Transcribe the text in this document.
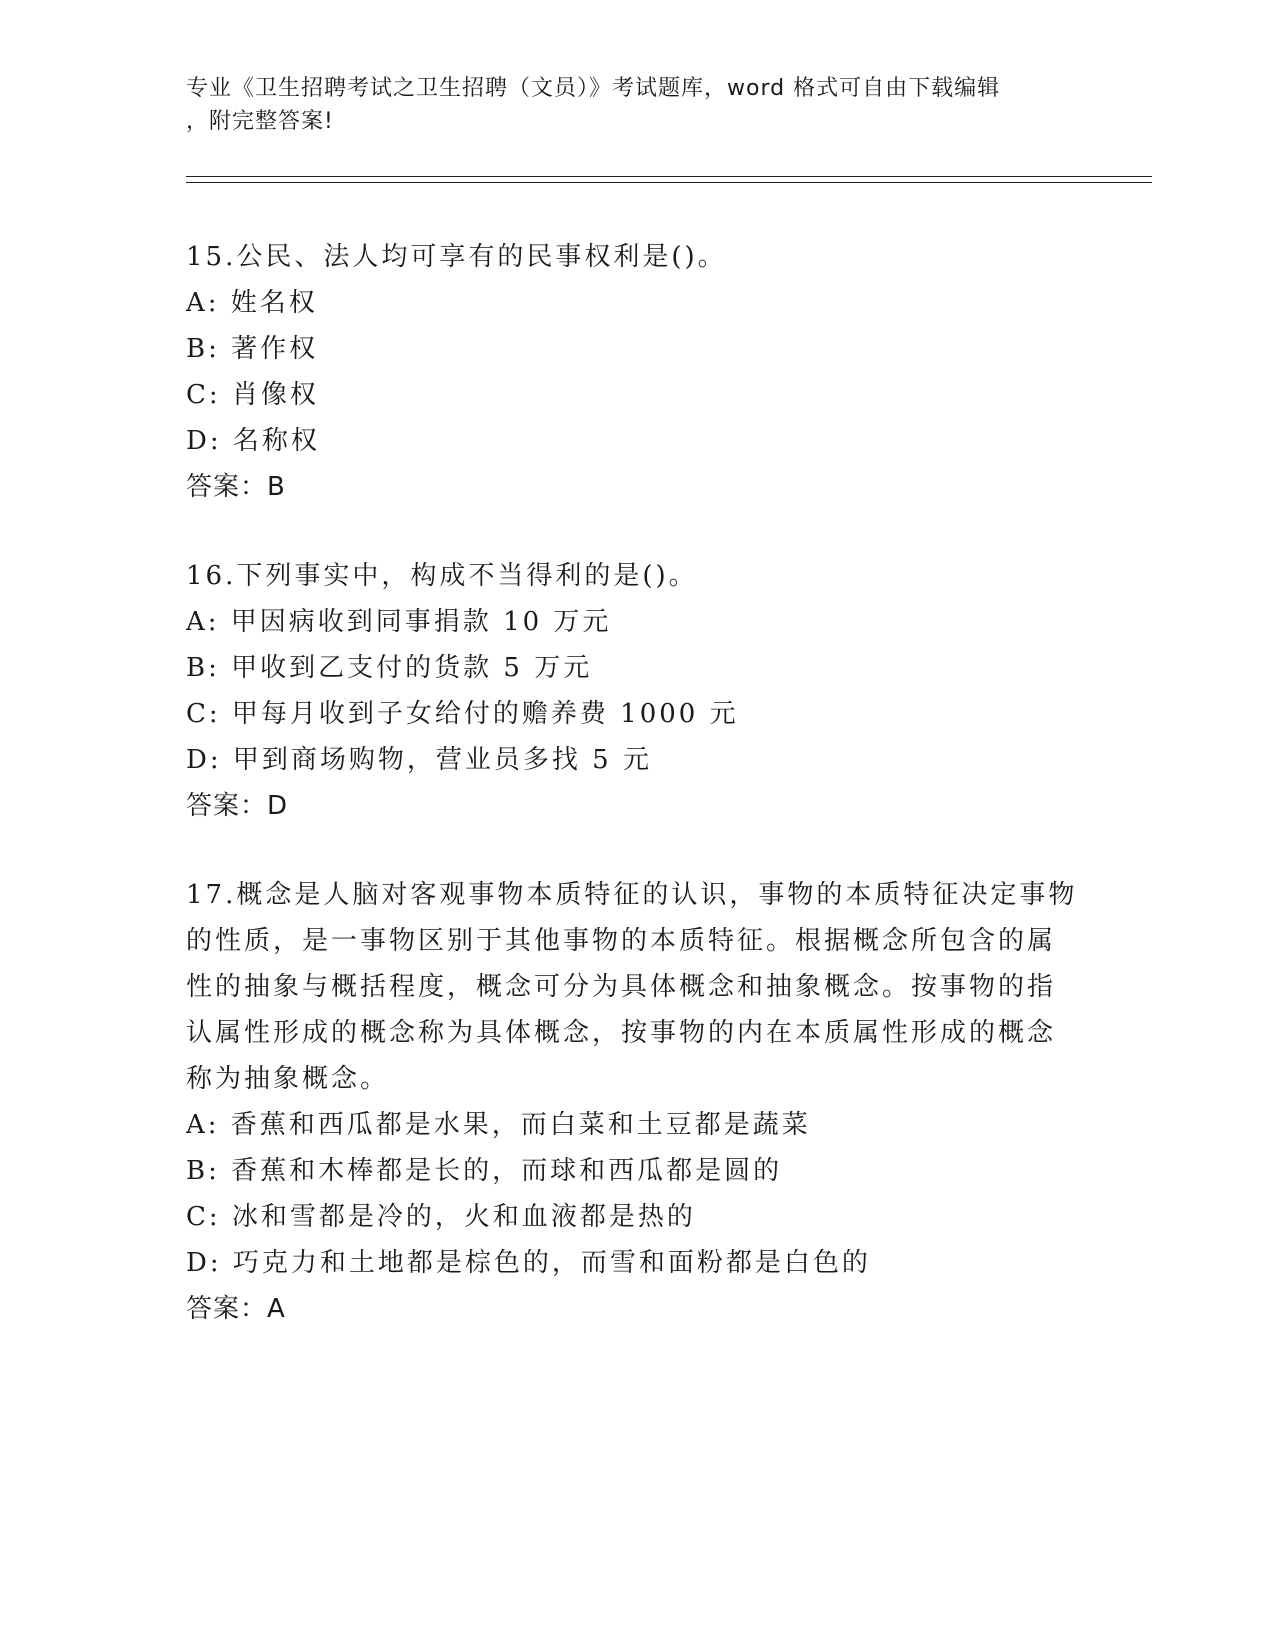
专业《卫生招聘考试之卫生招聘（文员）》考试题库，word 格式可自由下载编辑
，附完整答案!
15.公民、法人均可享有的民事权利是()。
A: 姓名权
B: 著作权
C: 肖像权
D: 名称权
答案：B
16.下列事实中，构成不当得利的是()。
A: 甲因病收到同事捐款 10 万元
B: 甲收到乙支付的货款 5 万元
C: 甲每月收到子女给付的赡养费 1000 元
D: 甲到商场购物，营业员多找 5 元
答案：D
17.概念是人脑对客观事物本质特征的认识，事物的本质特征决定事物
的性质，是一事物区别于其他事物的本质特征。根据概念所包含的属
性的抽象与概括程度，概念可分为具体概念和抽象概念。按事物的指
认属性形成的概念称为具体概念，按事物的内在本质属性形成的概念
称为抽象概念。
A: 香蕉和西瓜都是水果，而白菜和土豆都是蔬菜
B: 香蕉和木棒都是长的，而球和西瓜都是圆的
C: 冰和雪都是冷的，火和血液都是热的
D: 巧克力和土地都是棕色的，而雪和面粉都是白色的
答案：A
